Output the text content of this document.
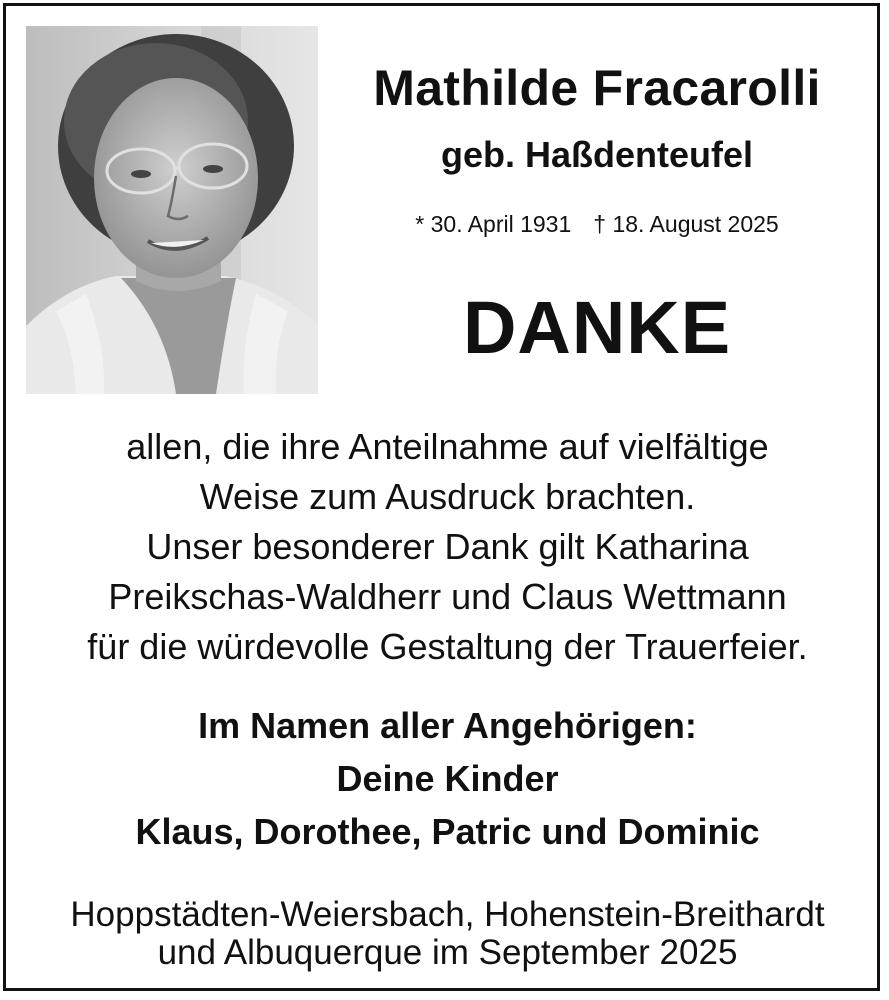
Mathilde Fracarolli
geb. Haßdenteufel
* 30. April 1931 † 18. August 2025
DANKE
allen, die ihre Anteilnahme auf vielfältige
Weise zum Ausdruck brachten.
Unser besonderer Dank gilt Katharina
Preikschas-Waldherr und Claus Wettmann
für die würdevolle Gestaltung der Trauerfeier.
Im Namen aller Angehörigen:
Deine Kinder
Klaus, Dorothee, Patric und Dominic
Hoppstädten-Weiersbach, Hohenstein-Breithardt
und Albuquerque im September 2025
